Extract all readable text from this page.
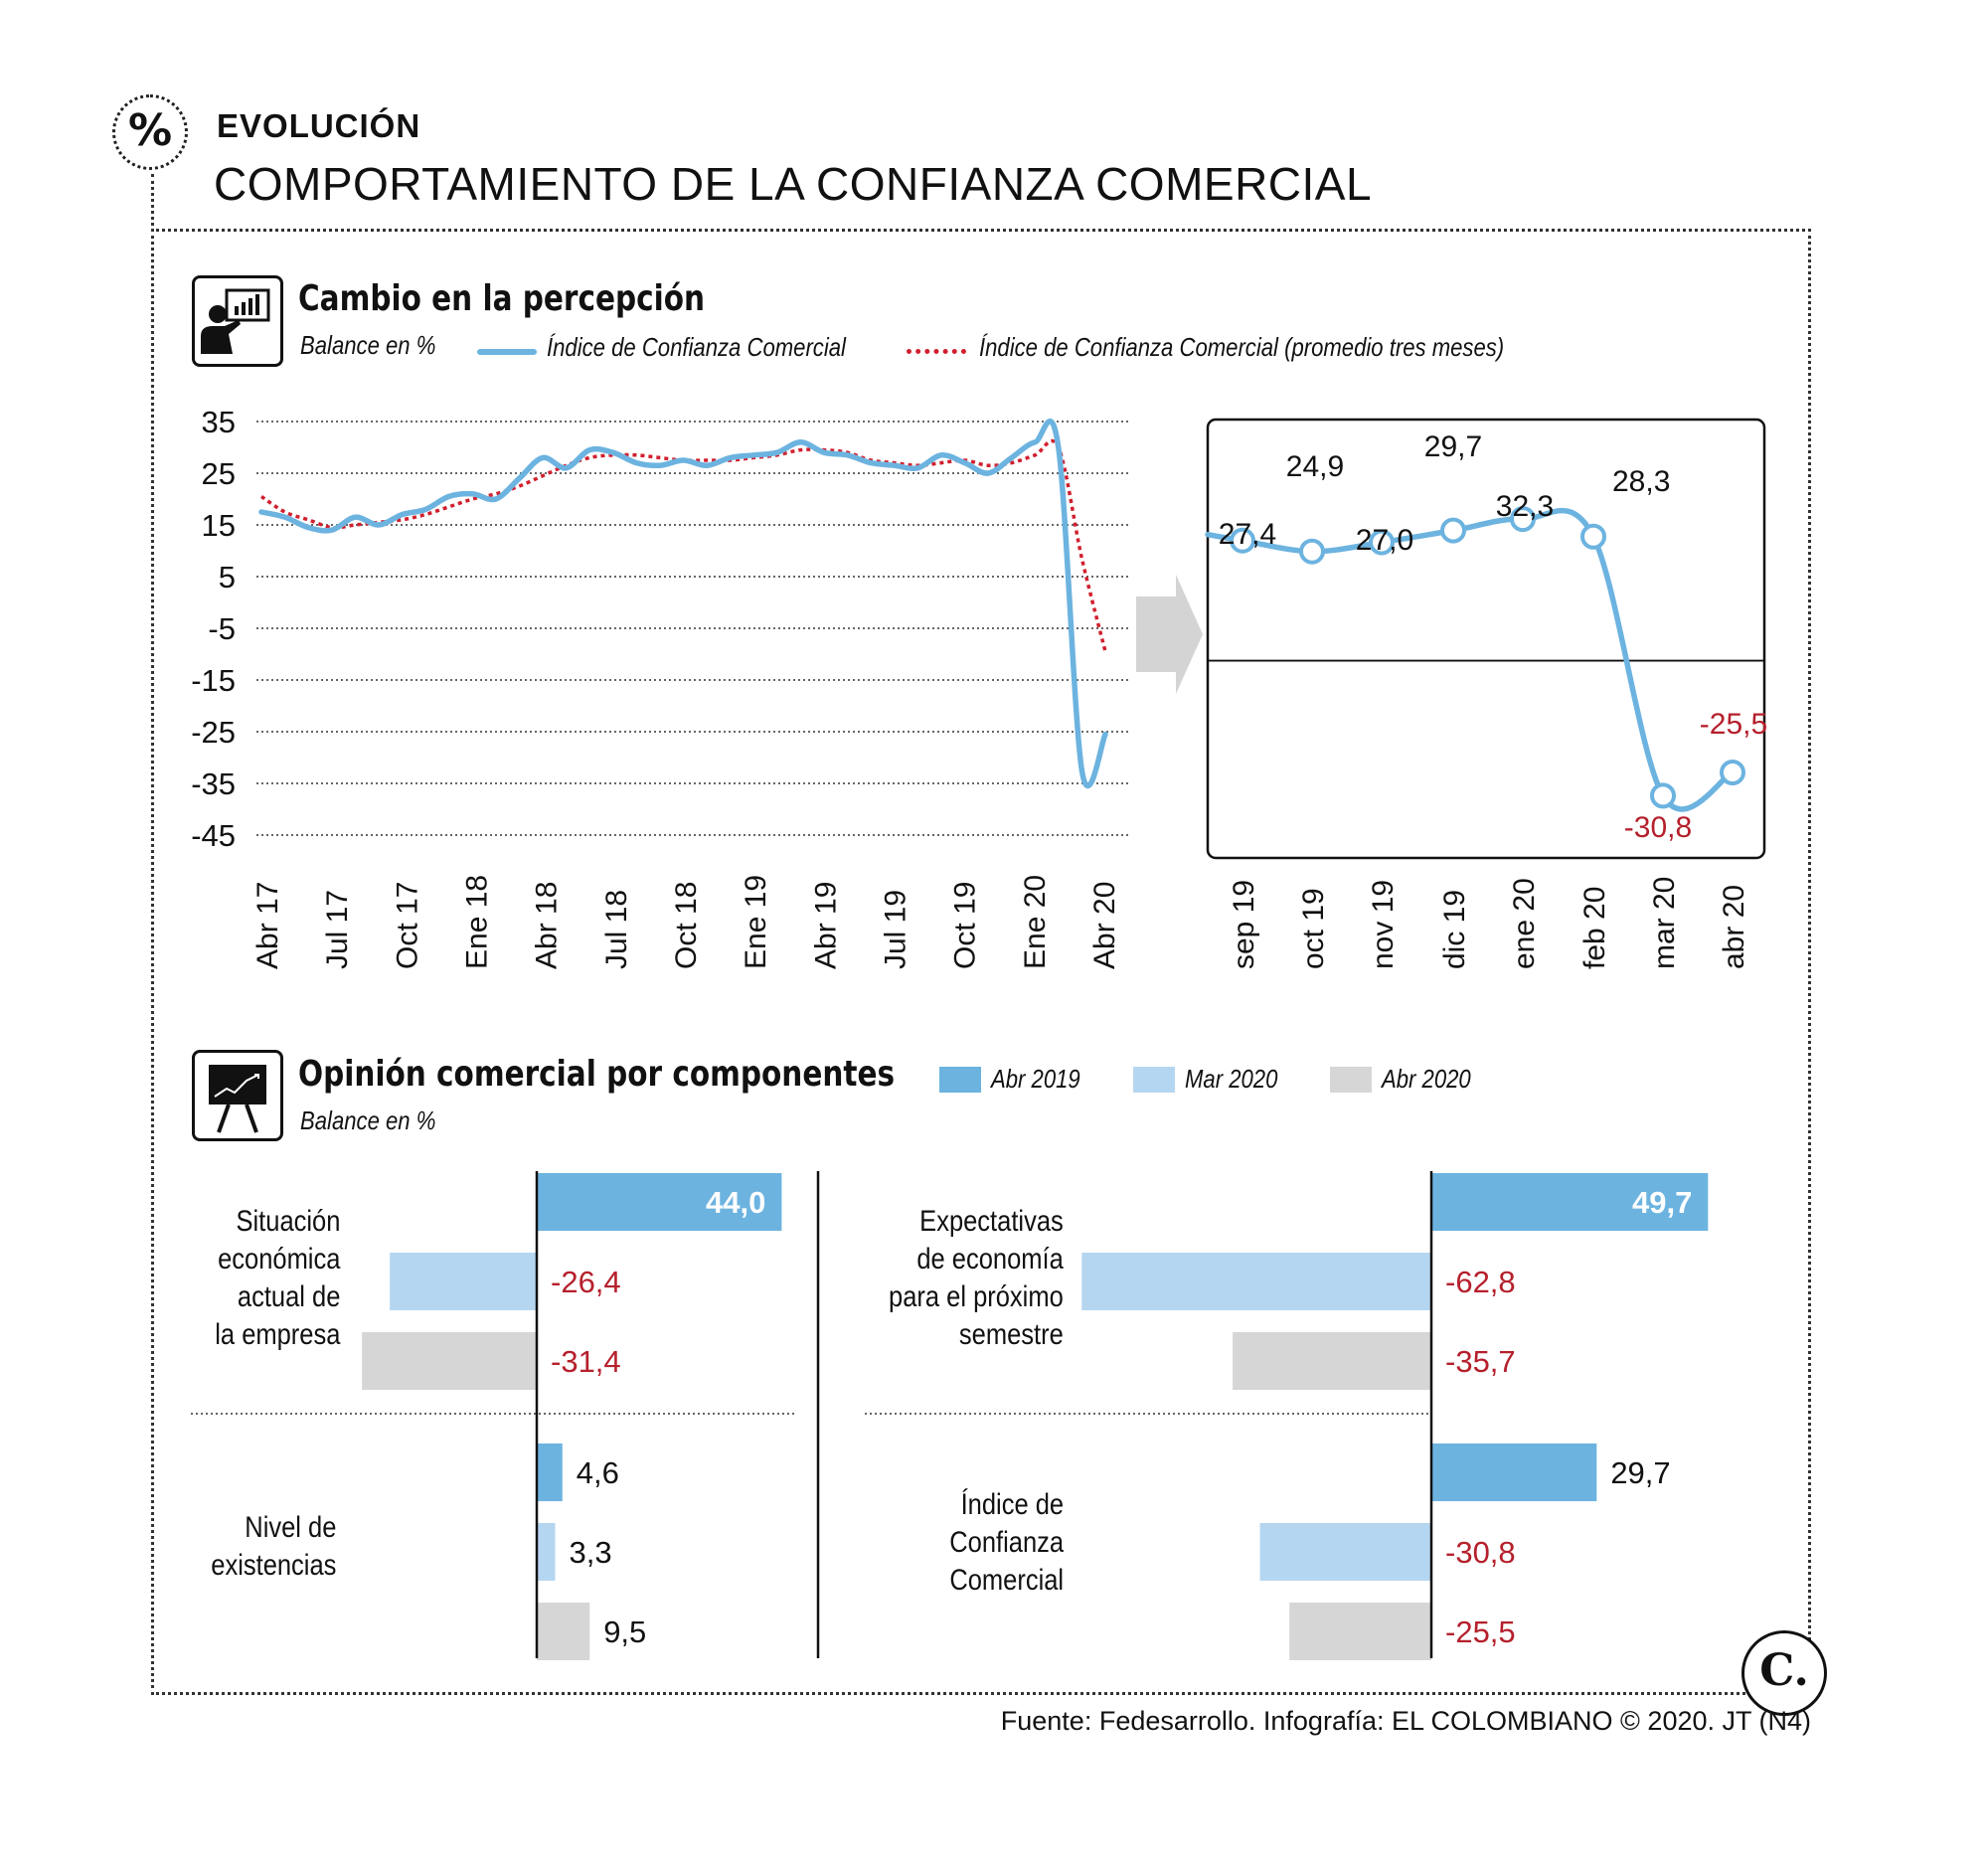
%	EVOLUCIÓN
COMPORTAMIENTO DE LA CONFIANZA COMERCIAL
Cambio en la percepción
Balance en %	Índice de Confianza Comercial	Índice de Confianza Comercial (promedio tres meses)
35
25
15
5
-5
-15
-25
-35
-45
Abr 17 Jul 17 Oct 17 Ene 18 Abr 18 Jul 18 Oct 18 Ene 19 Abr 19 Jul 19 Oct 19 Ene 20 Abr 20
27,4
24,9
27,0
29,7
32,3
28,3
-30,8
-25,5
sep 19 oct 19 nov 19 dic 19 ene 20 feb 20 mar 20 abr 20
Opinión comercial por componentes
Balance en %
Abr 2019	Mar 2020	Abr 2020
44,0
-26,4
-31,4
4,6
3,3
9,5
49,7
-62,8
-35,7
29,7
-30,8
-25,5
Situación
económica
actual de
la empresa
Nivel de
existencias
Expectativas
de economía
para el próximo
semestre
Índice de
Confianza
Comercial
C.
Fuente: Fedesarrollo. Infografía: EL COLOMBIANO © 2020. JT (N4)
